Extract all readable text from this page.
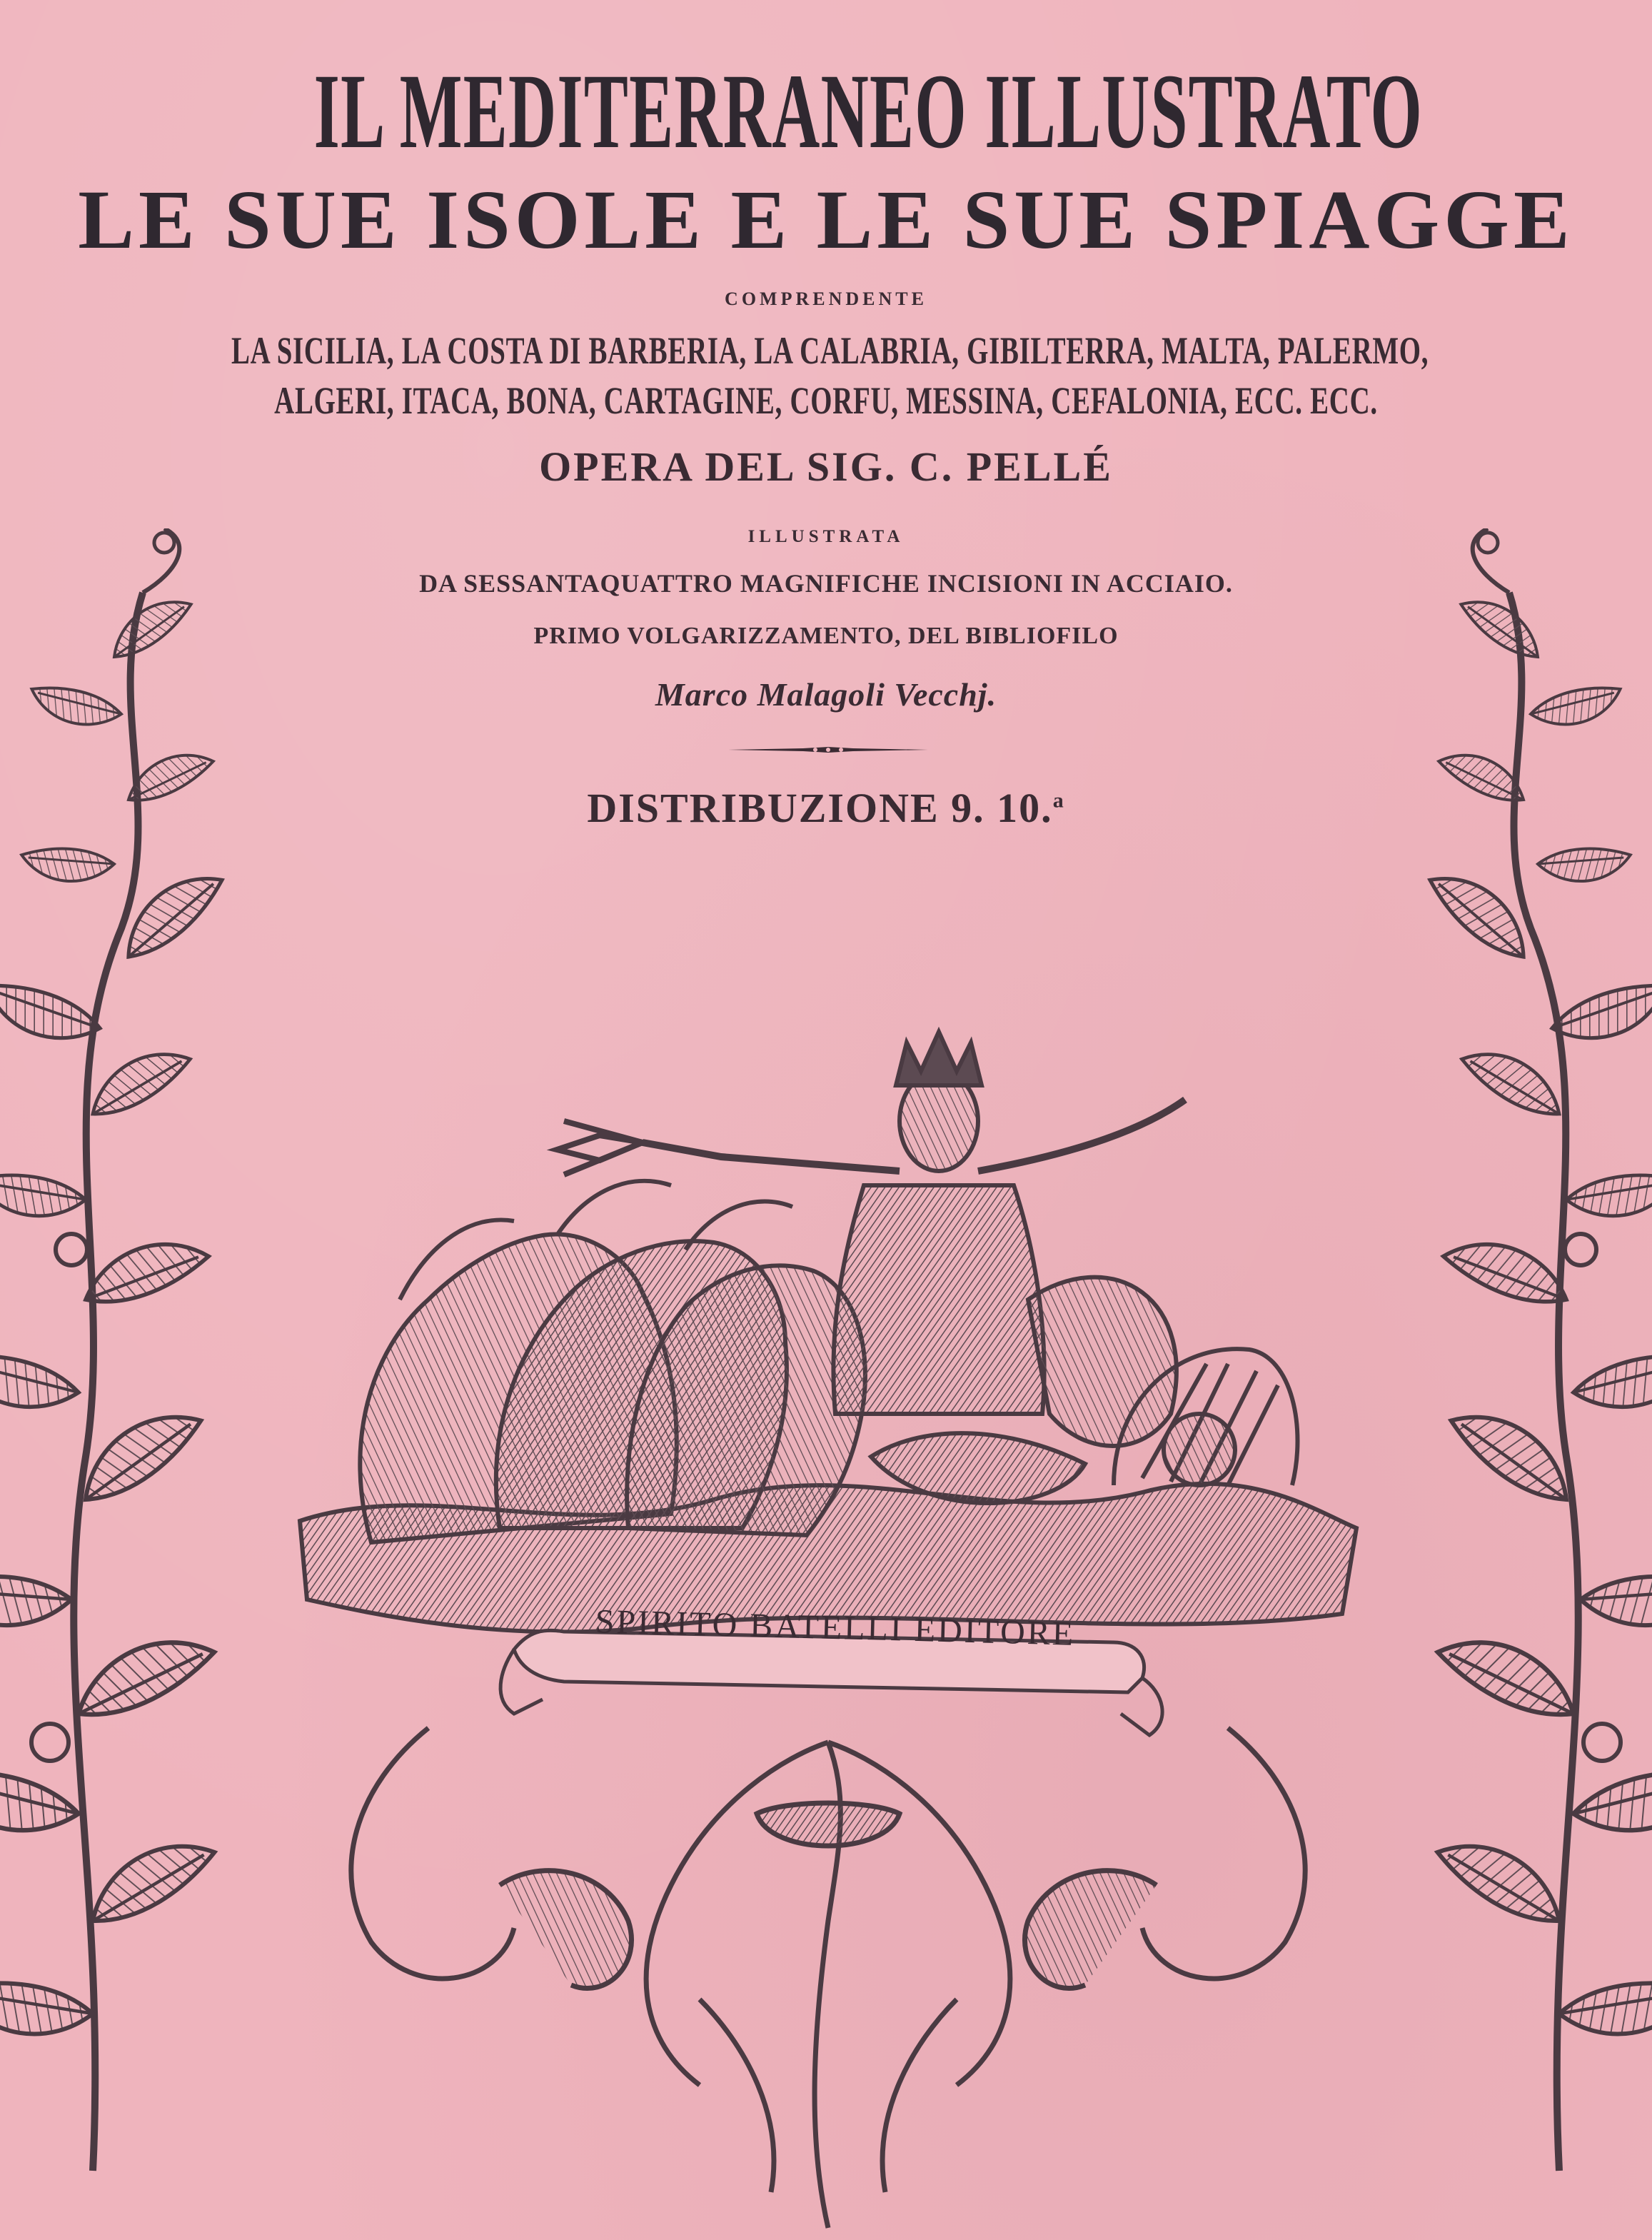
IL MEDITERRANEO ILLUSTRATO
LE SUE ISOLE E LE SUE SPIAGGE
COMPRENDENTE
LA SICILIA, LA COSTA DI BARBERIA, LA CALABRIA, GIBILTERRA, MALTA, PALERMO,
ALGERI, ITACA, BONA, CARTAGINE, CORFU, MESSINA, CEFALONIA, ECC. ECC.
OPERA DEL SIG. C. PELLÉ
ILLUSTRATA
DA SESSANTAQUATTRO MAGNIFICHE INCISIONI IN ACCIAIO.
PRIMO VOLGARIZZAMENTO, DEL BIBLIOFILO
Marco Malagoli Vecchj.
DISTRIBUZIONE 9. 10.$^a$
SPIRITO BATELLI EDITORE
